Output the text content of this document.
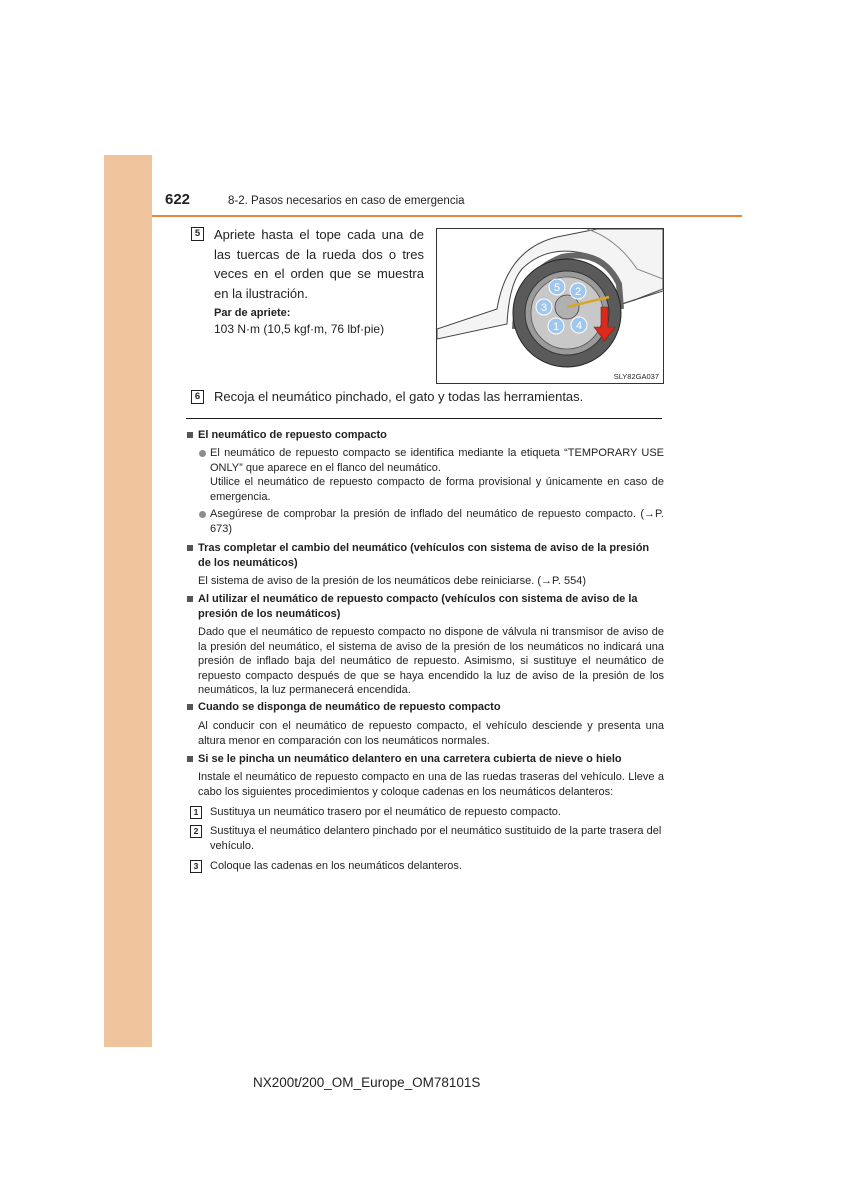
622	8-2. Pasos necesarios en caso de emergencia
5 Apriete hasta el tope cada una de las tuercas de la rueda dos o tres veces en el orden que se muestra en la ilustración.
Par de apriete:
103 N·m (10,5 kgf·m, 76 lbf·pie)
5 2
3
1 4
SLY82GA037
6 Recoja el neumático pinchado, el gato y todas las herramientas.
El neumático de repuesto compacto
El neumático de repuesto compacto se identifica mediante la etiqueta “TEMPORARY USE ONLY” que aparece en el flanco del neumático.
Utilice el neumático de repuesto compacto de forma provisional y únicamente en caso de emergencia.
Asegúrese de comprobar la presión de inflado del neumático de repuesto compacto. (→P. 673)
Tras completar el cambio del neumático (vehículos con sistema de aviso de la presión de los neumáticos)
El sistema de aviso de la presión de los neumáticos debe reiniciarse. (→P. 554)
Al utilizar el neumático de repuesto compacto (vehículos con sistema de aviso de la presión de los neumáticos)
Dado que el neumático de repuesto compacto no dispone de válvula ni transmisor de aviso de la presión del neumático, el sistema de aviso de la presión de los neumáticos no indicará una presión de inflado baja del neumático de repuesto. Asimismo, si sustituye el neumático de repuesto compacto después de que se haya encendido la luz de aviso de la presión de los neumáticos, la luz permanecerá encendida.
Cuando se disponga de neumático de repuesto compacto
Al conducir con el neumático de repuesto compacto, el vehículo desciende y presenta una altura menor en comparación con los neumáticos normales.
Si se le pincha un neumático delantero en una carretera cubierta de nieve o hielo
Instale el neumático de repuesto compacto en una de las ruedas traseras del vehículo. Lleve a cabo los siguientes procedimientos y coloque cadenas en los neumáticos delanteros:
1	Sustituya un neumático trasero por el neumático de repuesto compacto.
2	Sustituya el neumático delantero pinchado por el neumático sustituido de la parte trasera del vehículo.
3	Coloque las cadenas en los neumáticos delanteros.
NX200t/200_OM_Europe_OM78101S
